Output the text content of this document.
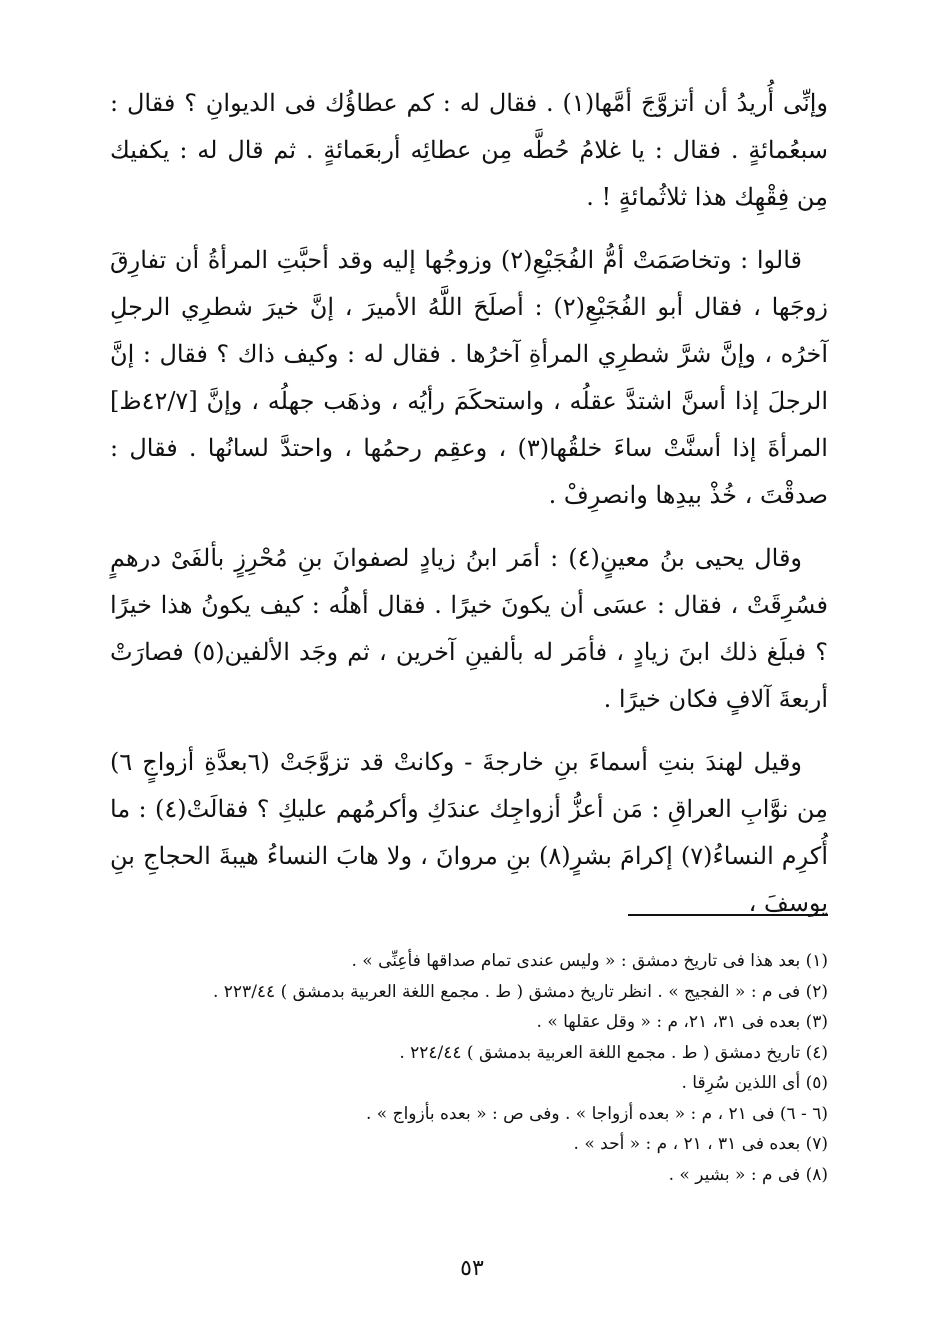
وإنِّى أُريدُ أن أتزوَّجَ أمَّها(١) . فقال له : كم عطاؤُك فى الديوانِ ؟ فقال : سبعُمائةٍ . فقال : يا غلامُ حُطَّه مِن عطائِه أربعَمائةٍ . ثم قال له : يكفيك مِن فِقْهِك هذا ثلاثُمائةٍ ! .

قالوا : وتخاصَمَتْ أمُّ الفُجَيْعِ(٢) وزوجُها إليه وقد أحبَّتِ المرأةُ أن تفارِقَ زوجَها ، فقال أبو الفُجَيْعِ(٢) : أصلَحَ اللَّهُ الأميرَ ، إنَّ خيرَ شطرِي الرجلِ آخرُه ، وإنَّ شرَّ شطرِي المرأةِ آخرُها . فقال له : وكيف ذاك ؟ فقال : إنَّ الرجلَ إذا أسنَّ اشتدَّ عقلُه ، واستحكَمَ رأيُه ، وذهَب جهلُه ، وإنَّ [٤٢/٧ظ] المرأةَ إذا أسنَّتْ ساءَ خلقُها(٣) ، وعقِم رحمُها ، واحتدَّ لسانُها . فقال : صدقْتَ ، خُذْ بيدِها وانصرِفْ .

وقال يحيى بنُ معينٍ(٤) : أمَر ابنُ زيادٍ لصفوانَ بنِ مُحْرِزٍ بألفَىْ درهمٍ فسُرِقَتْ ، فقال : عسَى أن يكونَ خيرًا . فقال أهلُه : كيف يكونُ هذا خيرًا ؟ فبلَغ ذلك ابنَ زيادٍ ، فأمَر له بألفينِ آخرين ، ثم وجَد الألفين(٥) فصارَتْ أربعةَ آلافٍ فكان خيرًا .

وقيل لهندَ بنتِ أسماءَ بنِ خارجةَ - وكانتْ قد تزوَّجَتْ (٦بعدَّةِ أزواجٍ ٦) مِن نوَّابِ العراقِ : مَن أعزُّ أزواجِك عندَكِ وأكرمُهم عليكِ ؟ فقالَتْ(٤) : ما أُكرِم النساءُ(٧) إكرامَ بشرٍ(٨) بنِ مروانَ ، ولا هابَ النساءُ هيبةَ الحجاجِ بنِ يوسفَ ،

(١) بعد هذا فى تاريخ دمشق : « وليس عندى تمام صداقها فأعِنِّى » .
(٢) فى م : « الفجيج » . انظر تاريخ دمشق ( ط . مجمع اللغة العربية بدمشق ) ٢٢٣/٤٤ .
(٣) بعده فى ٣١، ٢١، م : « وقل عقلها » .
(٤) تاريخ دمشق ( ط . مجمع اللغة العربية بدمشق ) ٢٢٤/٤٤ .
(٥) أى اللذين سُرِقا .
(٦ - ٦) فى ٢١ ، م : « بعده أزواجا » . وفى ص : « بعده بأزواج » .
(٧) بعده فى ٣١ ، ٢١ ، م : « أحد » .
(٨) فى م : « بشير » .
٥٣
